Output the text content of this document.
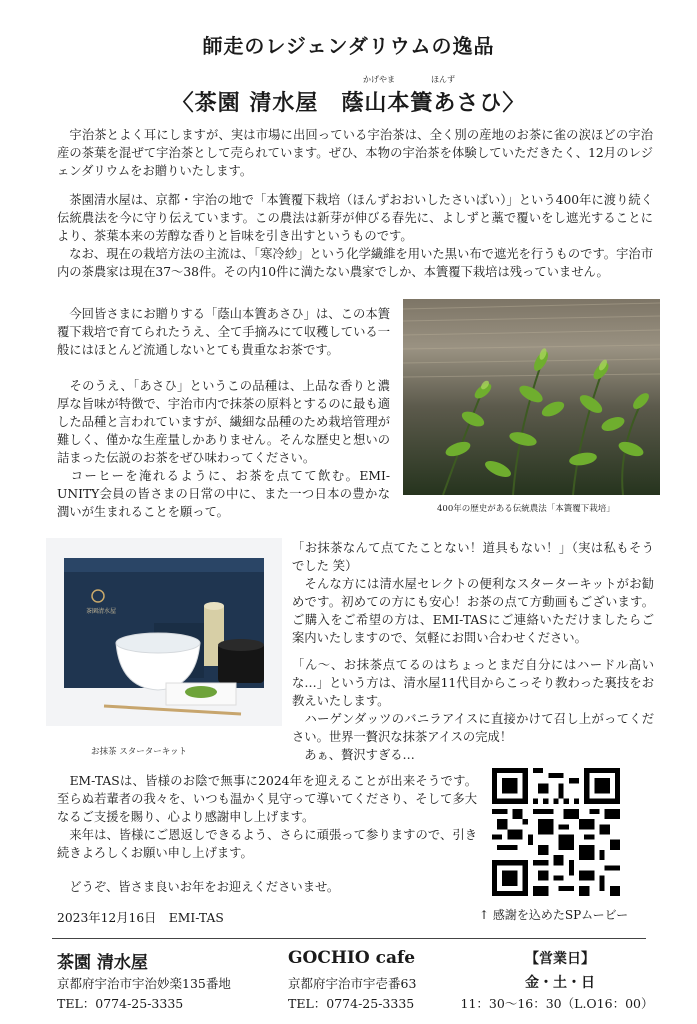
師走のレジェンダリウムの逸品
かげやま	ほんず
〈茶園 清水屋　蔭山本簀あさひ〉
　宇治茶とよく耳にしますが、実は市場に出回っている宇治茶は、全く別の産地のお茶に雀の涙ほどの宇治産の茶葉を混ぜて宇治茶として売られています。ぜひ、本物の宇治茶を体験していただきたく、12月のレジェンダリウムをお贈りいたします。
　茶園清水屋は、京都・宇治の地で「本簀覆下栽培（ほんずおおいしたさいばい）」という400年に渡り続く伝統農法を今に守り伝えています。この農法は新芽が伸びる春先に、よしずと藁で覆いをし遮光することにより、茶葉本来の芳醇な香りと旨味を引き出すというものです。
　なお、現在の栽培方法の主流は、「寒冷紗」という化学繊維を用いた黒い布で遮光を行うものです。宇治市内の茶農家は現在37～38件。その内10件に満たない農家でしか、本簀覆下栽培は残っていません。
　今回皆さまにお贈りする「蔭山本簀あさひ」は、この本簀覆下栽培で育てられたうえ、全て手摘みにて収穫している一般にはほとんど流通しないとても貴重なお茶です。
　そのうえ、「あさひ」というこの品種は、上品な香りと濃厚な旨味が特徴で、宇治市内で抹茶の原料とするのに最も適した品種と言われていますが、繊細な品種のため栽培管理が難しく、僅かな生産量しかありません。そんな歴史と想いの詰まった伝説のお茶をぜひ味わってください。
　コーヒーを淹れるように、お茶を点てて飲む。EMI-UNITY会員の皆さまの日常の中に、また一つ日本の豊かな潤いが生まれることを願って。	400年の歴史がある伝統農法「本簀覆下栽培」
茶園清水屋
お抹茶 スターターキット
「お抹茶なんて点てたことない！道具もない！」（実は私もそうでした 笑）
　そんな方には清水屋セレクトの便利なスターターキットがお勧めです。初めての方にも安心！お茶の点て方動画もございます。ご購入をご希望の方は、EMI-TASにご連絡いただけましたらご案内いたしますので、気軽にお問い合わせください。
「ん～、お抹茶点てるのはちょっとまだ自分にはハードル高いな…」という方は、清水屋11代目からこっそり教わった裏技をお教えいたします。
　ハーゲンダッツのバニラアイスに直接かけて召し上がってください。世界一贅沢な抹茶アイスの完成！
　あぁ、贅沢すぎる…
　EM-TASは、皆様のお陰で無事に2024年を迎えることが出来そうです。至らぬ若輩者の我々を、いつも温かく見守って導いてくださり、そして多大なるご支援を賜り、心より感謝申し上げます。
　来年は、皆様にご恩返しできるよう、さらに頑張って参りますので、引き続きよろしくお願い申し上げます。
　どうぞ、皆さま良いお年をお迎えくださいませ。
2023年12月16日　EMI-TAS	↑ 感謝を込めたSPムービー
茶園 清水屋
京都府宇治市宇治妙楽135番地
TEL：0774-25-3335
GOCHIO cafe
京都府宇治市宇壱番63
TEL：0774-25-3335
【営業日】
金・土・日
11：30～16：30（L.O16：00）
